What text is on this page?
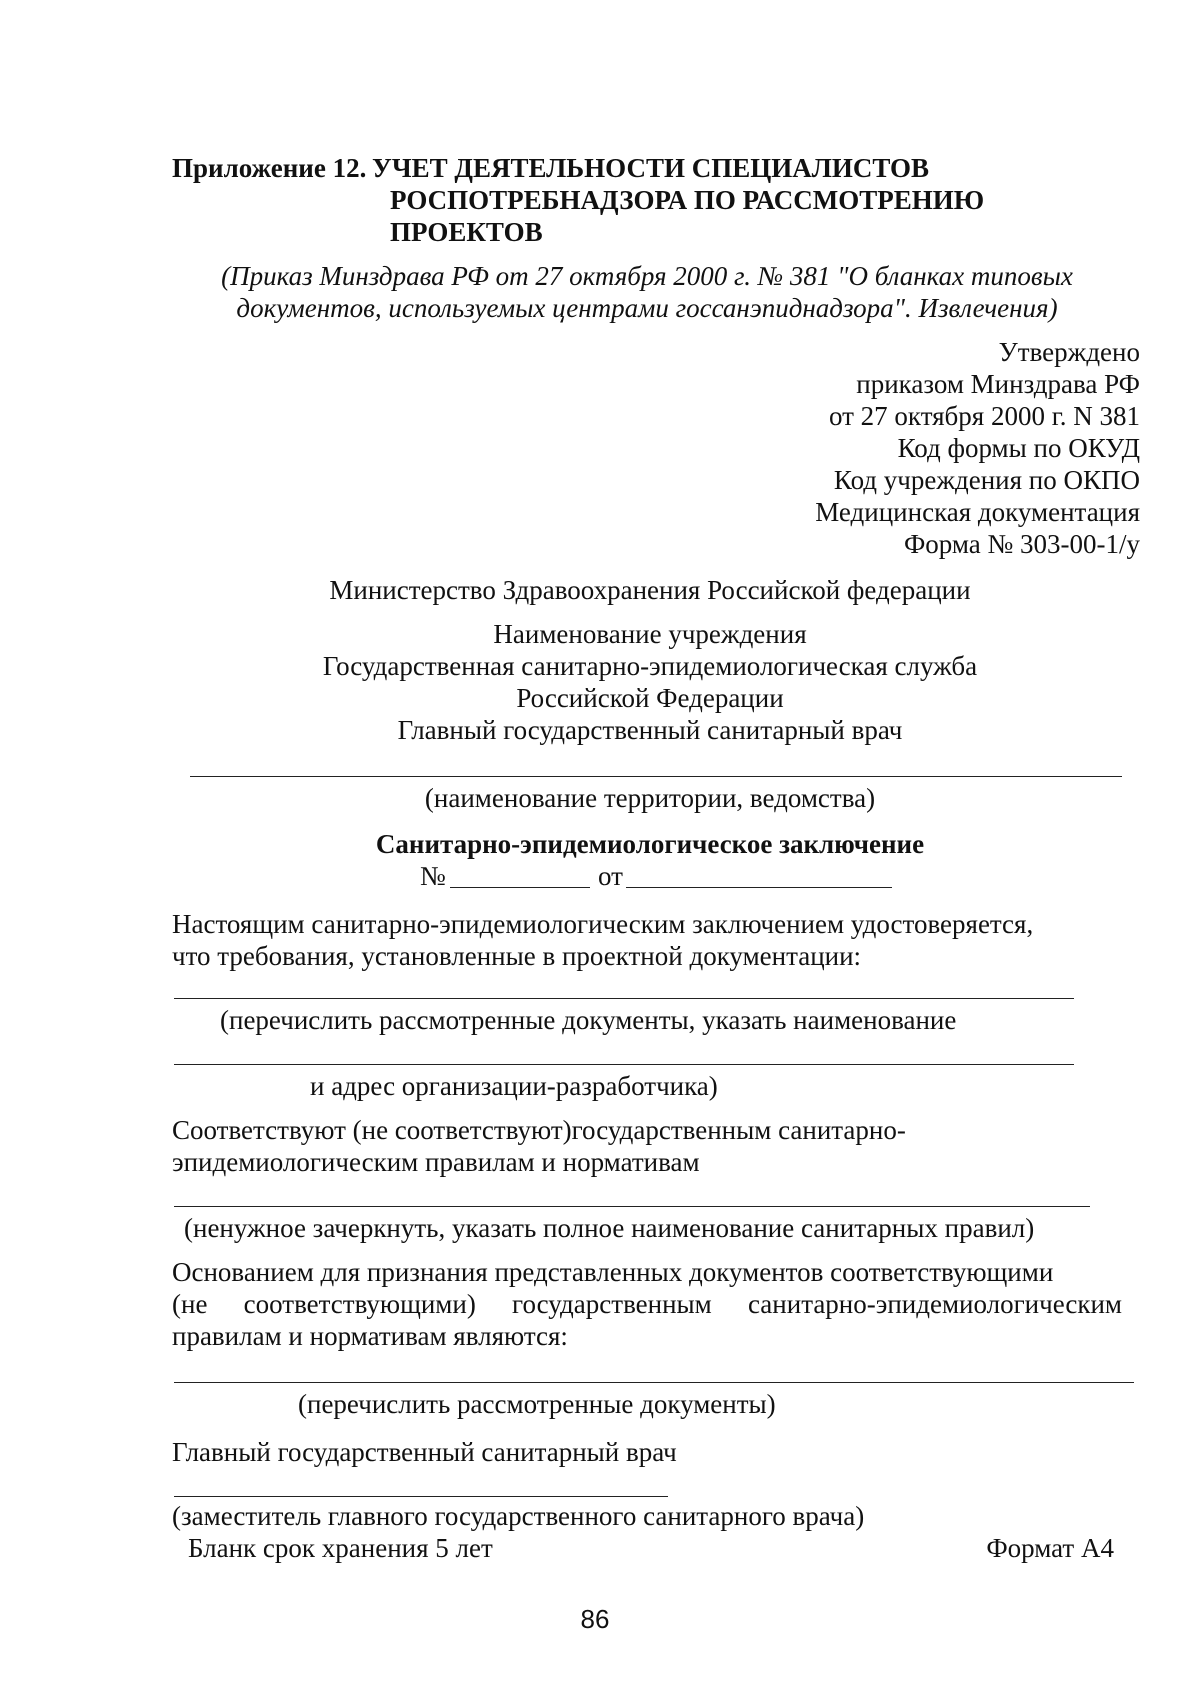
Приложение 12. УЧЕТ ДЕЯТЕЛЬНОСТИ СПЕЦИАЛИСТОВ
РОСПОТРЕБНАДЗОРА ПО РАССМОТРЕНИЮ
ПРОЕКТОВ
(Приказ Минздрава РФ от 27 октября 2000 г. № 381 "О бланках типовых
документов, используемых центрами госсанэпиднадзора". Извлечения)
Утверждено
приказом Минздрава РФ
от 27 октября 2000 г. N 381
Код формы по ОКУД
Код учреждения по ОКПО
Медицинская документация
Форма № 303-00-1/у
Министерство Здравоохранения Российской федерации
Наименование учреждения
Государственная санитарно-эпидемиологическая служба
Российской Федерации
Главный государственный санитарный врач
(наименование территории, ведомства)
Санитарно-эпидемиологическое заключение
№	от
Настоящим санитарно-эпидемиологическим заключением удостоверяется,
что требования, установленные в проектной документации:
(перечислить рассмотренные документы, указать наименование
и адрес организации-разработчика)
Соответствуют (не соответствуют)государственным санитарно-
эпидемиологическим правилам и нормативам
(ненужное зачеркнуть, указать полное наименование санитарных правил)
Основанием для признания представленных документов соответствующими
(не соответствующими) государственным санитарно-эпидемиологическим
правилам и нормативам являются:
(перечислить рассмотренные документы)
Главный государственный санитарный врач
(заместитель главного государственного санитарного врача)
Бланк срок хранения 5 лет	Формат А4
86
